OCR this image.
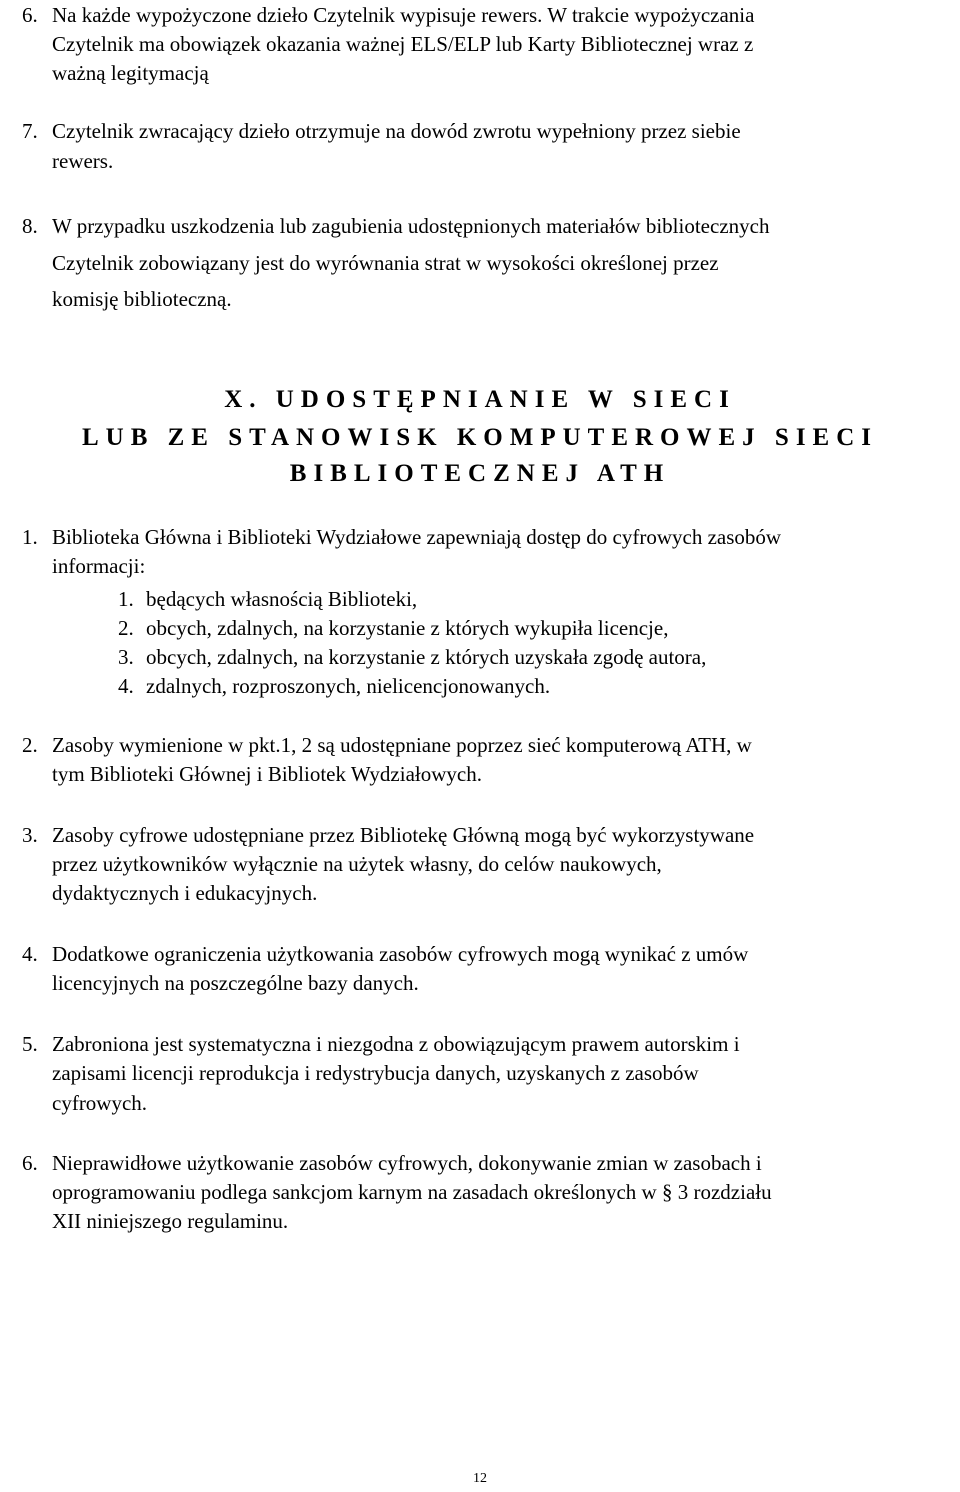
6. Na każde wypożyczone dzieło Czytelnik wypisuje rewers. W trakcie wypożyczania
Czytelnik ma obowiązek okazania ważnej ELS/ELP lub Karty Bibliotecznej wraz z
ważną legitymacją
7. Czytelnik zwracający dzieło otrzymuje na dowód zwrotu wypełniony przez siebie
rewers.
8. W przypadku uszkodzenia lub zagubienia udostępnionych materiałów bibliotecznych
Czytelnik zobowiązany jest do wyrównania strat w wysokości określonej przez
komisję biblioteczną.
X. UDOSTĘPNIANIE W SIECI
LUB ZE STANOWISK KOMPUTEROWEJ SIECI
BIBLIOTECZNEJ ATH
1. Biblioteka Główna i Biblioteki Wydziałowe zapewniają dostęp do cyfrowych zasobów
informacji:
1. będących własnością Biblioteki,
2. obcych, zdalnych, na korzystanie z których wykupiła licencje,
3. obcych, zdalnych, na korzystanie z których uzyskała zgodę autora,
4. zdalnych, rozproszonych, nielicencjonowanych.
2. Zasoby wymienione w pkt.1, 2 są udostępniane poprzez sieć komputerową ATH, w
tym Biblioteki Głównej i Bibliotek Wydziałowych.
3. Zasoby cyfrowe udostępniane przez Bibliotekę Główną mogą być wykorzystywane
przez użytkowników wyłącznie na użytek własny, do celów naukowych,
dydaktycznych i edukacyjnych.
4. Dodatkowe ograniczenia użytkowania zasobów cyfrowych mogą wynikać z umów
licencyjnych na poszczególne bazy danych.
5. Zabroniona jest systematyczna i niezgodna z obowiązującym prawem autorskim i
zapisami licencji reprodukcja i redystrybucja danych, uzyskanych z zasobów
cyfrowych.
6. Nieprawidłowe użytkowanie zasobów cyfrowych, dokonywanie zmian w zasobach i
oprogramowaniu podlega sankcjom karnym na zasadach określonych w § 3 rozdziału
XII niniejszego regulaminu.
12
